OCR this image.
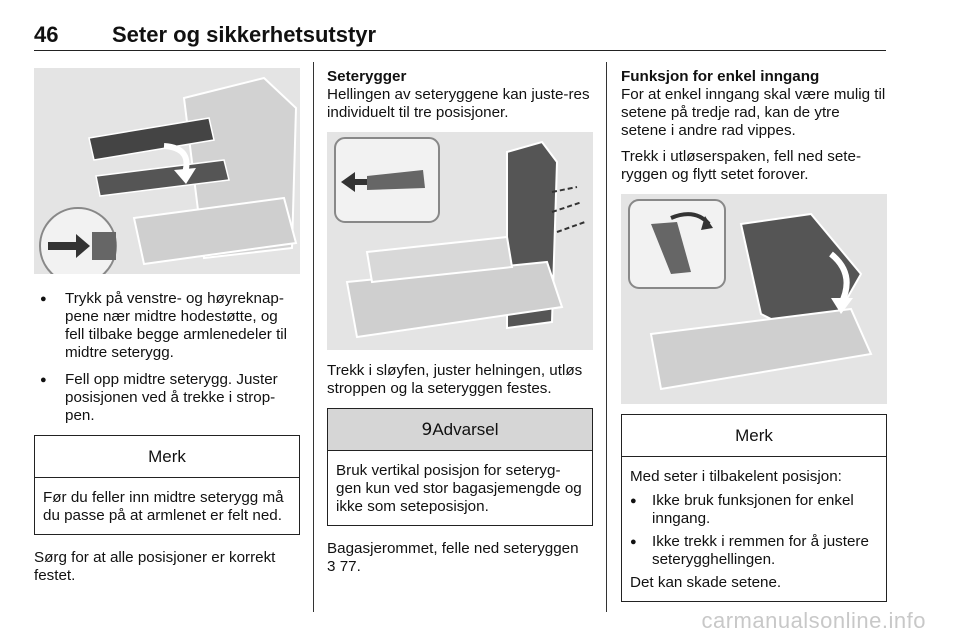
46 Seter og sikkerhetsutstyr
● Trykk på venstre- og høyreknap-pene nær midtre hodestøtte, og fell tilbake begge armlenedeler til midtre seterygg.
● Fell opp midtre seterygg. Juster posisjonen ved å trekke i strop-pen.
Merk

Før du feller inn midtre seterygg må du passe på at armlenet er felt ned.

Sørg for at alle posisjoner er korrekt festet.

Seterygger

Hellingen av seteryggene kan juste-res individuelt til tre posisjoner.

Trekk i sløyfen, juster helningen, utløs stroppen og la seteryggen festes.

9Advarsel

Bruk vertikal posisjon for seteryg-gen kun ved stor bagasjemengde og ikke som seteposisjon.

Bagasjerommet, felle ned seteryggen
3 77.

Funksjon for enkel inngang

For at enkel inngang skal være mulig til setene på tredje rad, kan de ytre setene i andre rad vippes.

Trekk i utløserspaken, fell ned sete-ryggen og flytt setet forover.

Merk

Med seter i tilbakelent posisjon:

● Ikke bruk funksjonen for enkel inngang.
● Ikke trekk i remmen for å justere seterygghellingen.

Det kan skade setene.

carmanualsonline.info
